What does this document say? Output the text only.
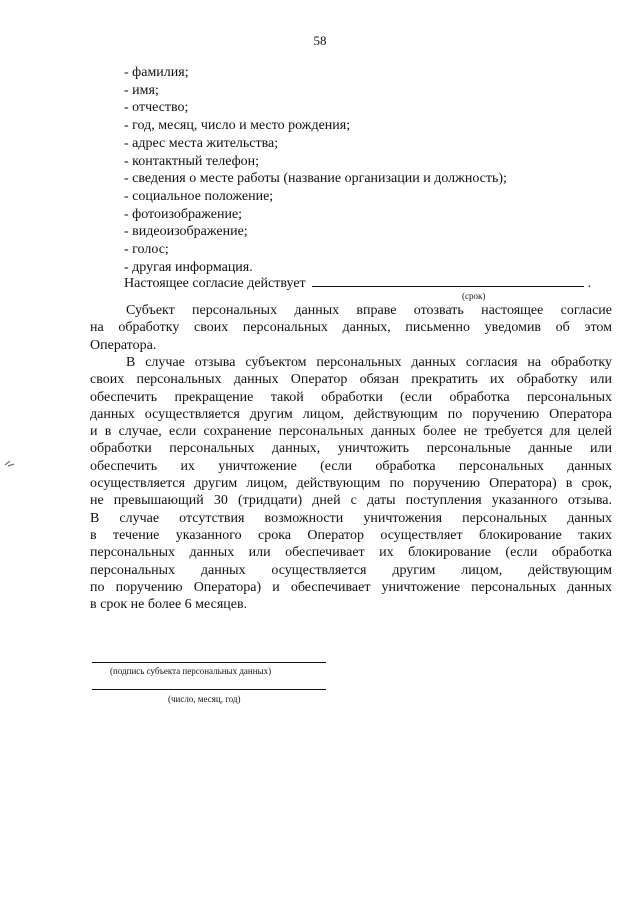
58
- фамилия;
- имя;
- отчество;
- год, месяц, число и место рождения;
- адрес места жительства;
- контактный телефон;
- сведения о месте работы (название организации и должность);
- социальное положение;
- фотоизображение;
- видеоизображение;
- голос;
- другая информация.
Настоящее согласие действует	.
(срок)
Субъект персональных данных вправе отозвать настоящее согласие
на обработку своих персональных данных, письменно уведомив об этом
Оператора.
В случае отзыва субъектом персональных данных согласия на обработку
своих персональных данных Оператор обязан прекратить их обработку или
обеспечить прекращение такой обработки (если обработка персональных
данных осуществляется другим лицом, действующим по поручению Оператора
и в случае, если сохранение персональных данных более не требуется для целей
обработки персональных данных, уничтожить персональные данные или
обеспечить их уничтожение (если обработка персональных данных
осуществляется другим лицом, действующим по поручению Оператора) в срок,
не превышающий 30 (тридцати) дней с даты поступления указанного отзыва.
В случае отсутствия возможности уничтожения персональных данных
в течение указанного срока Оператор осуществляет блокирование таких
персональных данных или обеспечивает их блокирование (если обработка
персональных данных осуществляется другим лицом, действующим
по поручению Оператора) и обеспечивает уничтожение персональных данных
в срок не более 6 месяцев.
(подпись субъекта персональных данных)
(число, месяц, год)
